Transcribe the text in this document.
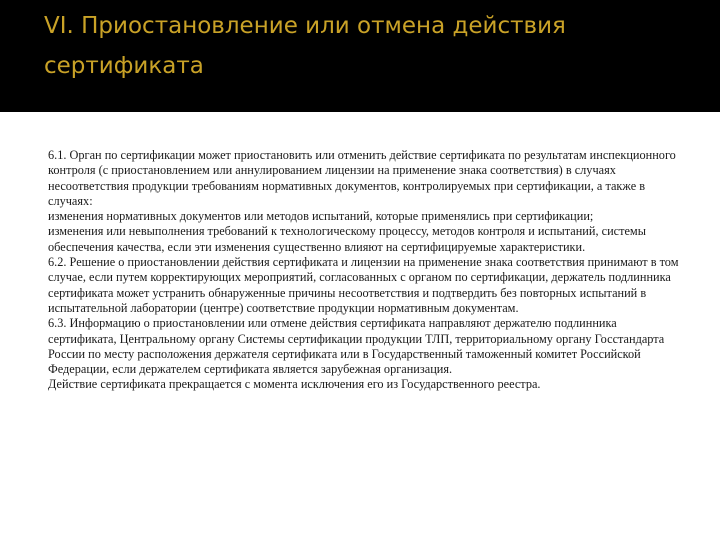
VI. Приостановление или отмена действия сертификата
6.1. Орган по сертификации может приостановить или отменить действие сертификата по результатам инспекционного контроля (с приостановлением или аннулированием лицензии на применение знака соответствия) в случаях несоответствия продукции требованиям нормативных документов, контролируемых при сертификации, а также в случаях:
изменения нормативных документов или методов испытаний, которые применялись при сертификации;
изменения или невыполнения требований к технологическому процессу, методов контроля и испытаний, системы обеспечения качества, если эти изменения существенно влияют на сертифицируемые характеристики.
6.2. Решение о приостановлении действия сертификата и лицензии на применение знака соответствия принимают в том случае, если путем корректирующих мероприятий, согласованных с органом по сертификации, держатель подлинника сертификата может устранить обнаруженные причины несоответствия и подтвердить без повторных испытаний в испытательной лаборатории (центре) соответствие продукции нормативным документам.
6.3. Информацию о приостановлении или отмене действия сертификата направляют держателю подлинника сертификата, Центральному органу Системы сертификации продукции ТЛП, территориальному органу Госстандарта России по месту расположения держателя сертификата или в Государственный таможенный комитет Российской Федерации, если держателем сертификата является зарубежная организация.
Действие сертификата прекращается с момента исключения его из Государственного реестра.
